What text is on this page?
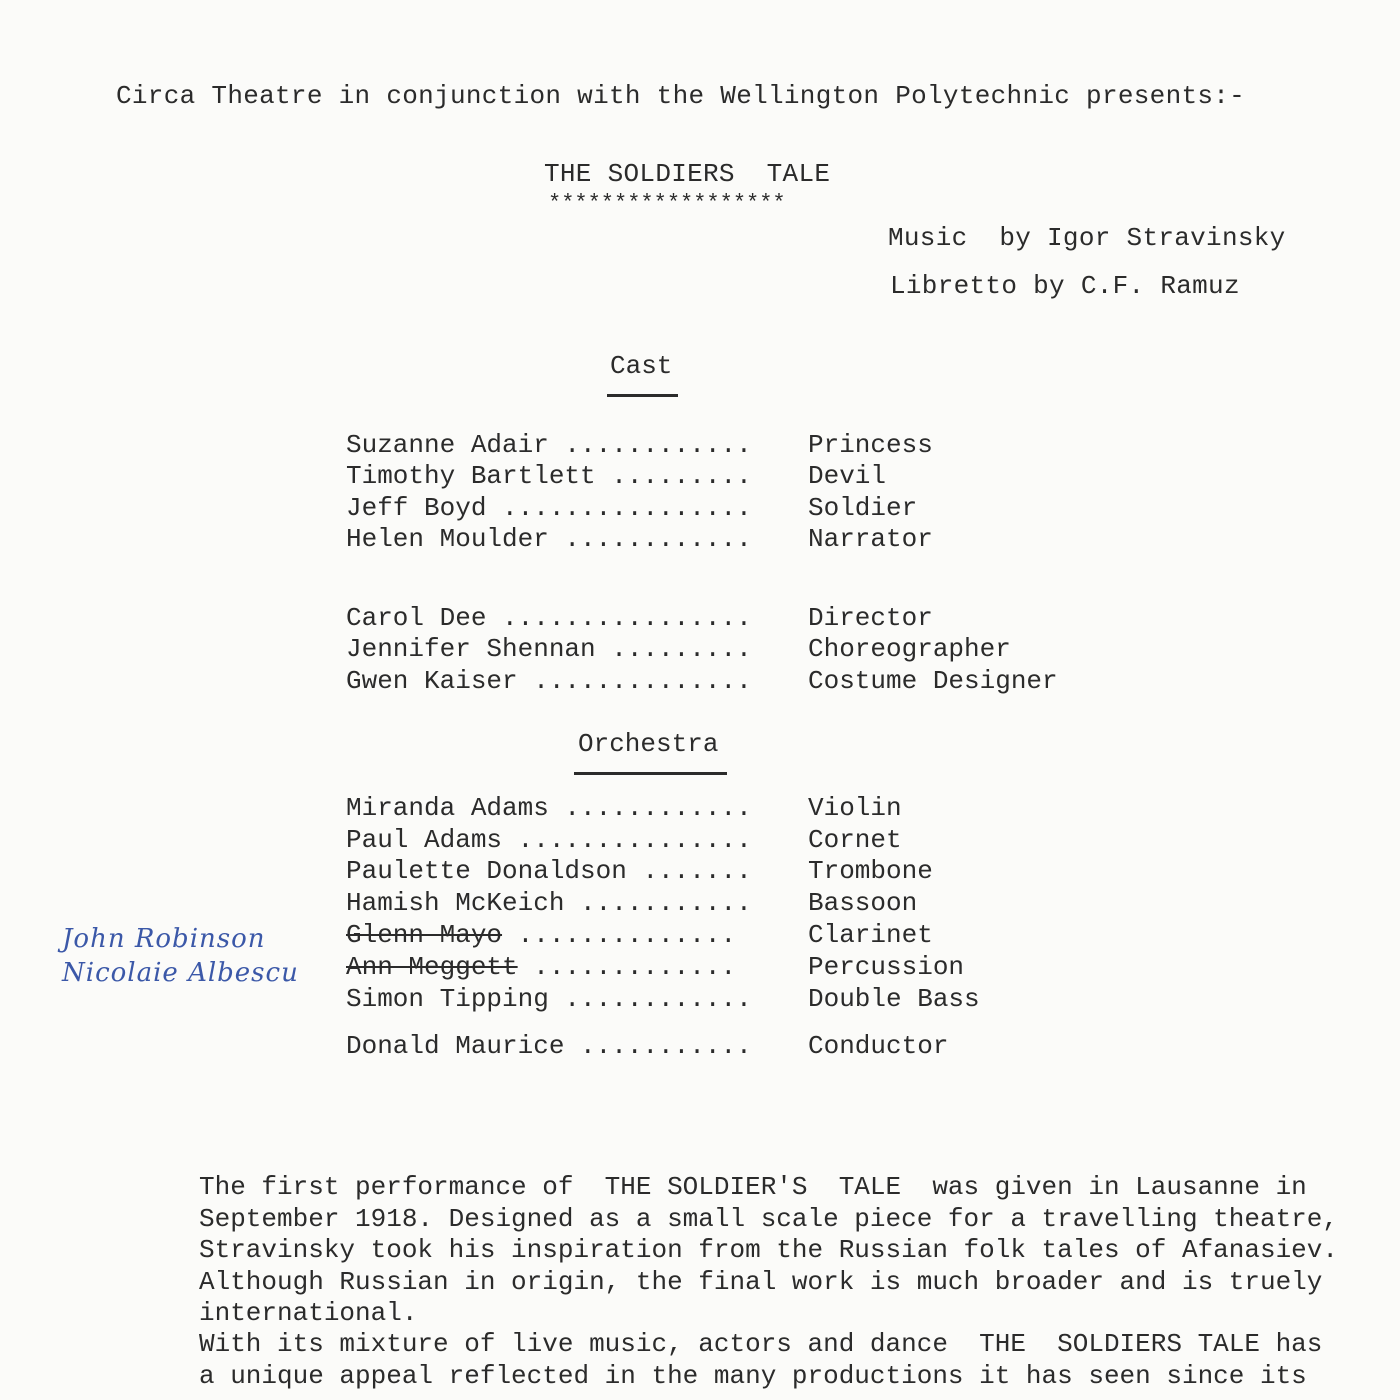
Circa Theatre in conjunction with the Wellington Polytechnic presents:-
THE SOLDIERS  TALE
******************
Music  by Igor Stravinsky
Libretto by C.F. Ramuz
Cast
Suzanne Adair ............ Princess
Timothy Bartlett ......... Devil
Jeff Boyd ................ Soldier
Helen Moulder ............ Narrator
Carol Dee ................ Director
Jennifer Shennan ......... Choreographer
Gwen Kaiser .............. Costume Designer
Orchestra
Miranda Adams ............ Violin
Paul Adams ............... Cornet
Paulette Donaldson ....... Trombone
Hamish McKeich ........... Bassoon
Glenn Mayo ..............	Clarinet
Ann Meggett .............	Percussion
Simon Tipping ............ Double Bass
Donald Maurice ........... Conductor
John Robinson
Nicolaie Albescu
The first performance of  THE SOLDIER'S  TALE  was given in Lausanne in
September 1918. Designed as a small scale piece for a travelling theatre,
Stravinsky took his inspiration from the Russian folk tales of Afanasiev.
Although Russian in origin, the final work is much broader and is truely
international.
With its mixture of live music, actors and dance  THE  SOLDIERS TALE has
a unique appeal reflected in the many productions it has seen since its
